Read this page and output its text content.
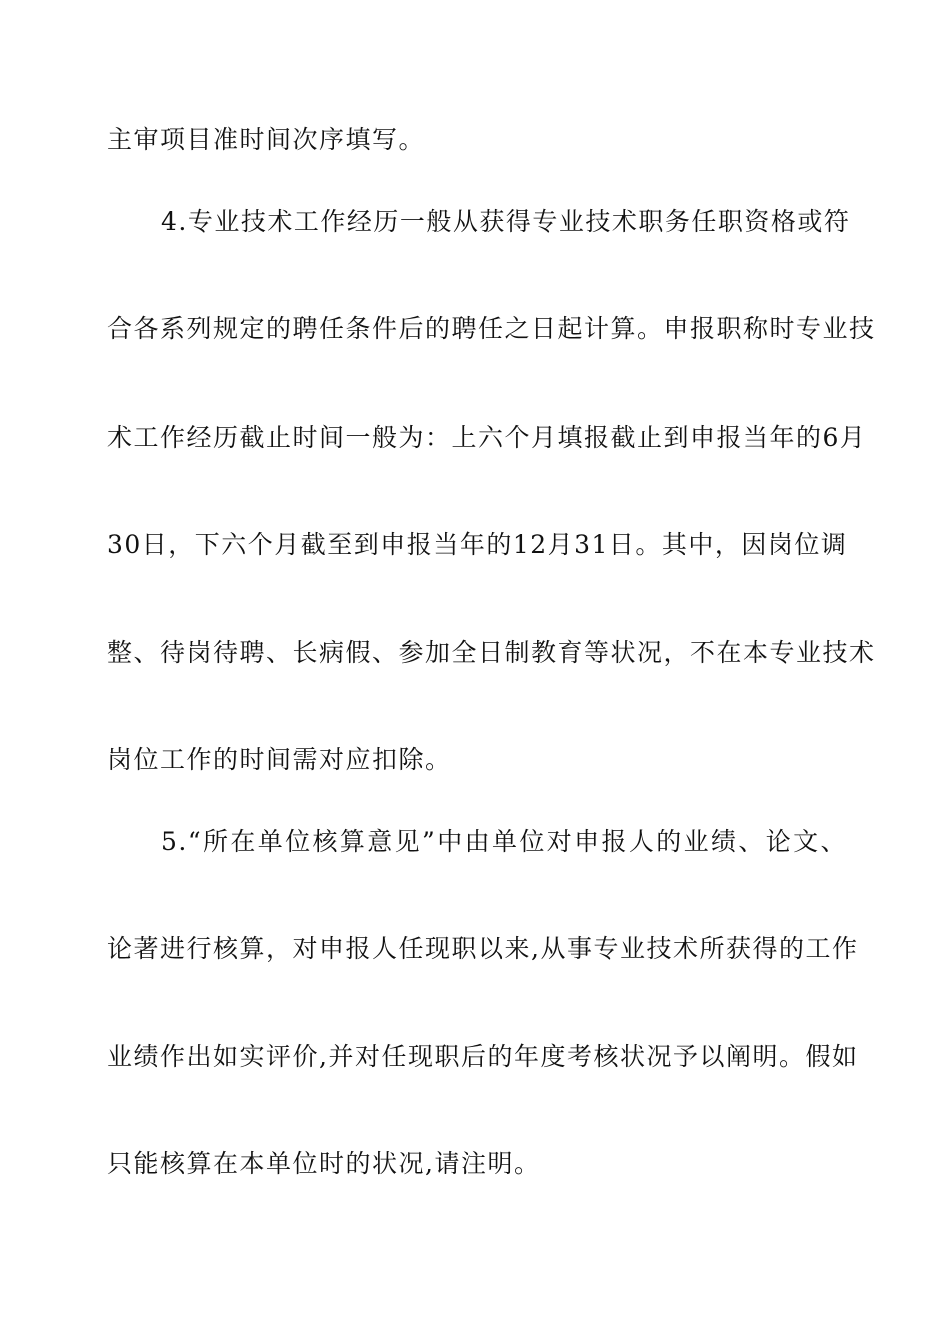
主审项目准时间次序填写。
4.专业技术工作经历一般从获得专业技术职务任职资格或符
合各系列规定的聘任条件后的聘任之日起计算。申报职称时专业技
术工作经历截止时间一般为：上六个月填报截止到申报当年的6月
30日，下六个月截至到申报当年的12月31日。其中，因岗位调
整、待岗待聘、长病假、参加全日制教育等状况，不在本专业技术
岗位工作的时间需对应扣除。
5.“所在单位核算意见”中由单位对申报人的业绩、论文、
论著进行核算，对申报人任现职以来,从事专业技术所获得的工作
业绩作出如实评价,并对任现职后的年度考核状况予以阐明。假如
只能核算在本单位时的状况,请注明。
